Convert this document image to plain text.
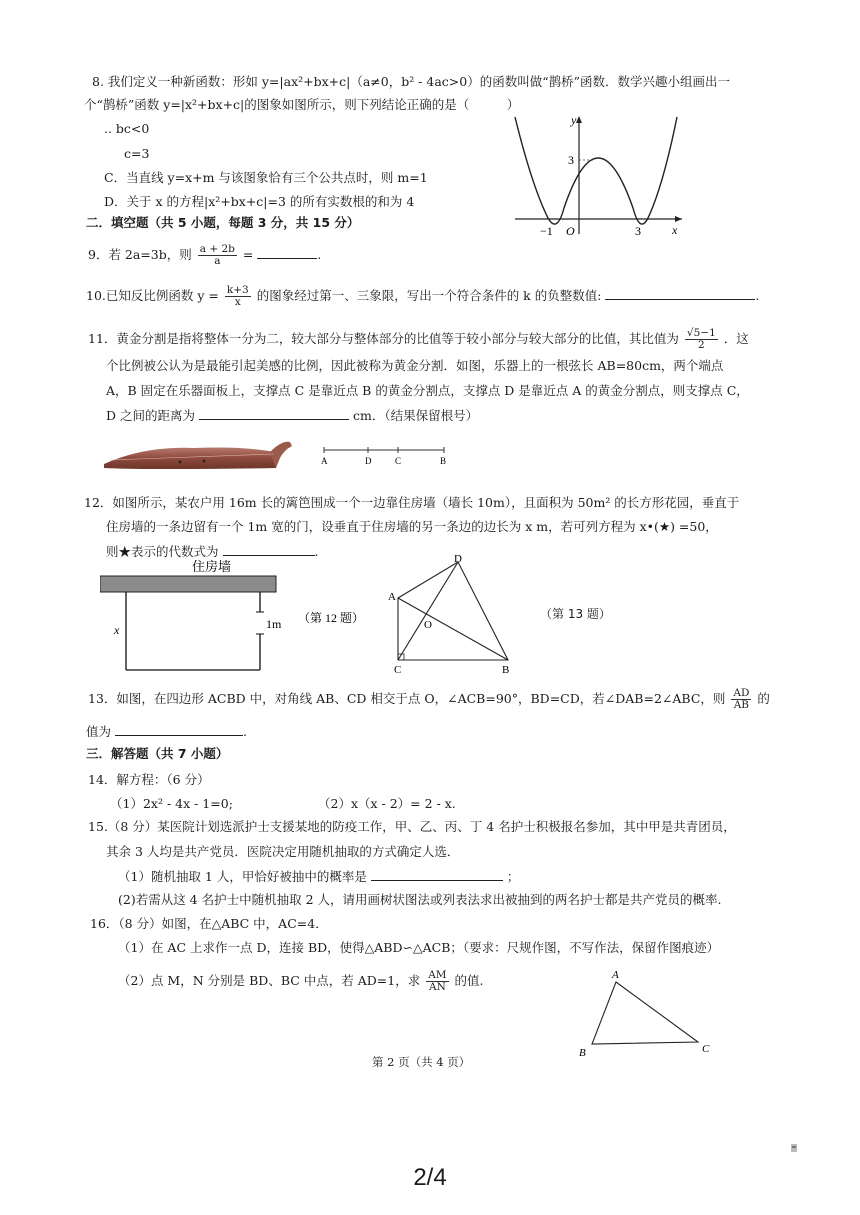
8. 我们定义一种新函数：形如 y=|ax²+bx+c|（a≠0，b² - 4ac>0）的函数叫做“鹊桥”函数．数学兴趣小组画出一
个“鹊桥”函数 y=|x²+bx+c|的图象如图所示，则下列结论正确的是（　　　）
.. bc<0
c=3
C．当直线 y=x+m 与该图象恰有三个公共点时，则 m=1
D．关于 x 的方程|x²+bx+c|=3 的所有实数根的和为 4
y
x
3
−1 O	3
二．填空题（共 5 小题，每题 3 分，共 15 分）
9．若 2a=3b，则 $\frac{a + 2b}{a}$ =	.
10.已知反比例函数 $y = \frac{k+3}{x}$ 的图象经过第一、三象限，写出一个符合条件的 k 的负整数值:	.
11．黄金分割是指将整体一分为二，较大部分与整体部分的比值等于较小部分与较大部分的比值，其比值为 $\frac{√5-1}{2}$ ．这
个比例被公认为是最能引起美感的比例，因此被称为黄金分割．如图，乐器上的一根弦长 AB=80cm，两个端点
A，B 固定在乐器面板上，支撑点 C 是靠近点 B 的黄金分割点，支撑点 D 是靠近点 A 的黄金分割点，则支撑点 C，
D 之间的距离为	cm．（结果保留根号）
A	D	C	B
12．如图所示，某农户用 16m 长的篱笆围成一个一边靠住房墙（墙长 10m），且面积为 50m² 的长方形花园，垂直于
住房墙的一条边留有一个 1m 宽的门，设垂直于住房墙的另一条边的边长为 x m，若可列方程为 x•(★) =50，
则★表示的代数式为	.
住房墙
x	1m （第 12 题）
D
A
O
C	B
（第 13 题）
13．如图，在四边形 ACBD 中，对角线 AB、CD 相交于点 O，∠ACB=90°，BD=CD，若∠DAB=2∠ABC，则 $\frac{AD}{AB}$ 的
值为	.
三．解答题（共 7 小题）
14．解方程：（6 分）
（1）2x² - 4x - 1=0;	（2）x（x - 2）= 2 - x.
15.（8 分）某医院计划选派护士支援某地的防疫工作，甲、乙、丙、丁 4 名护士积极报名参加，其中甲是共青团员，
其余 3 人均是共产党员．医院决定用随机抽取的方式确定人选．
（1）随机抽取 1 人，甲恰好被抽中的概率是	；
(2)若需从这 4 名护士中随机抽取 2 人，请用画树状图法或列表法求出被抽到的两名护士都是共产党员的概率.
16．（8 分）如图，在△ABC 中，AC=4．
（1）在 AC 上求作一点 D，连接 BD，使得△ABD∽△ACB；（要求：尺规作图，不写作法，保留作图痕迹）
（2）点 M，N 分别是 BD、BC 中点，若 AD=1，求 $\frac{AM}{AN}$ 的值.	A
B	C
第 2 页（共 4 页）
2/4
